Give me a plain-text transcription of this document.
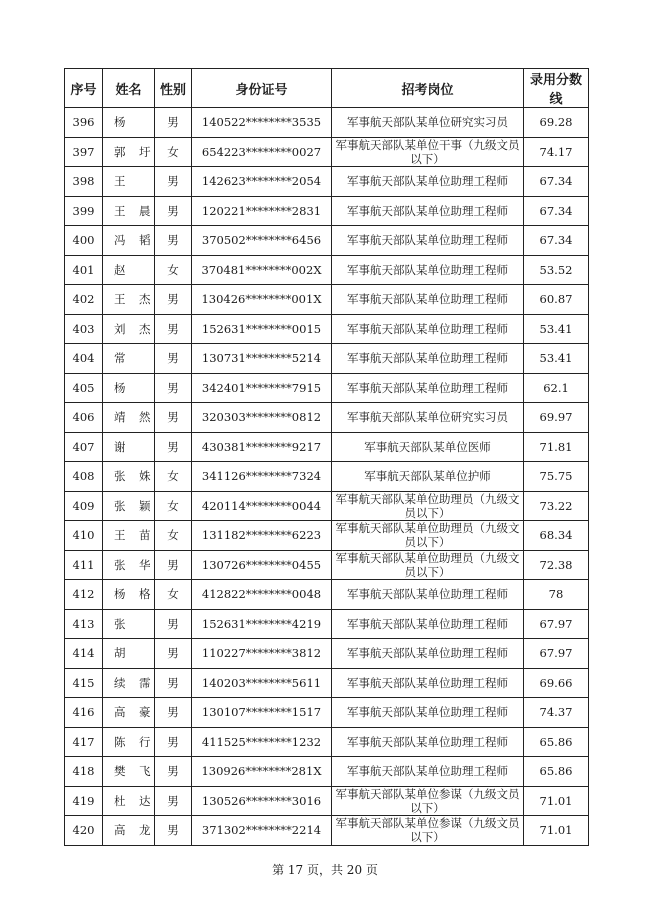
序号	姓名	性别	身份证号	招考岗位	录用分数线
396	杨	男	140522********3535	军事航天部队某单位研究实习员	69.28
397	郭 圩	女	654223********0027	军事航天部队某单位干事（九级文员以下）	74.17
398	王	男	142623********2054	军事航天部队某单位助理工程师	67.34
399	王 晨	男	120221********2831	军事航天部队某单位助理工程师	67.34
400	冯 韬	男	370502********6456	军事航天部队某单位助理工程师	67.34
401	赵	女	370481********002X	军事航天部队某单位助理工程师	53.52
402	王 杰	男	130426********001X	军事航天部队某单位助理工程师	60.87
403	刘 杰	男	152631********0015	军事航天部队某单位助理工程师	53.41
404	常	男	130731********5214	军事航天部队某单位助理工程师	53.41
405	杨	男	342401********7915	军事航天部队某单位助理工程师	62.1
406	靖 然	男	320303********0812	军事航天部队某单位研究实习员	69.97
407	谢	男	430381********9217	军事航天部队某单位医师	71.81
408	张 姝	女	341126********7324	军事航天部队某单位护师	75.75
409	张 颖	女	420114********0044	军事航天部队某单位助理员（九级文员以下）	73.22
410	王 苗	女	131182********6223	军事航天部队某单位助理员（九级文员以下）	68.34
411	张 华	男	130726********0455	军事航天部队某单位助理员（九级文员以下）	72.38
412	杨 格	女	412822********0048	军事航天部队某单位助理工程师	78
413	张	男	152631********4219	军事航天部队某单位助理工程师	67.97
414	胡	男	110227********3812	军事航天部队某单位助理工程师	67.97
415	续 霈	男	140203********5611	军事航天部队某单位助理工程师	69.66
416	高 豪	男	130107********1517	军事航天部队某单位助理工程师	74.37
417	陈 行	男	411525********1232	军事航天部队某单位助理工程师	65.86
418	樊 飞	男	130926********281X	军事航天部队某单位助理工程师	65.86
419	杜 达	男	130526********3016	军事航天部队某单位参谋（九级文员以下）	71.01
420	高 龙	男	371302********2214	军事航天部队某单位参谋（九级文员以下）	71.01
第 17 页，共 20 页
